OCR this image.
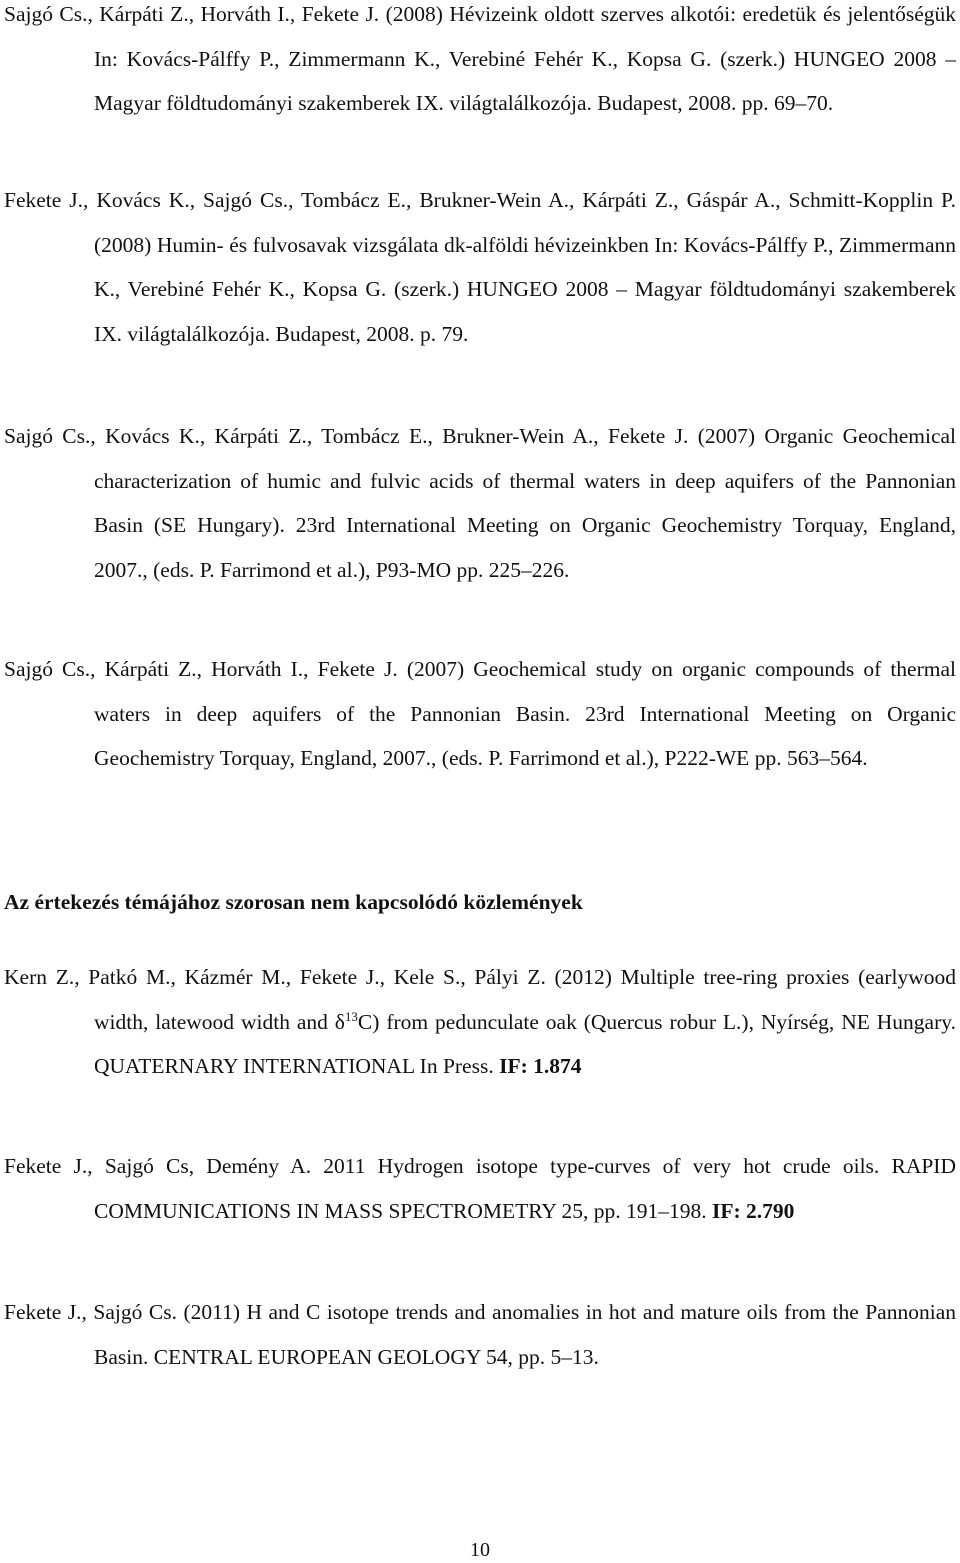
Sajgó Cs., Kárpáti Z., Horváth I., Fekete J. (2008) Hévizeink oldott szerves alkotói: eredetük és jelentőségük In: Kovács-Pálffy P., Zimmermann K., Verebiné Fehér K., Kopsa G. (szerk.) HUNGEO 2008 – Magyar földtudományi szakemberek IX. világtalálkozója. Budapest, 2008. pp. 69–70.
Fekete J., Kovács K., Sajgó Cs., Tombácz E., Brukner-Wein A., Kárpáti Z., Gáspár A., Schmitt-Kopplin P. (2008) Humin- és fulvosavak vizsgálata dk-alföldi hévizeinkben In: Kovács-Pálffy P., Zimmermann K., Verebiné Fehér K., Kopsa G. (szerk.) HUNGEO 2008 – Magyar földtudományi szakemberek IX. világtalálkozója. Budapest, 2008. p. 79.
Sajgó Cs., Kovács K., Kárpáti Z., Tombácz E., Brukner-Wein A., Fekete J. (2007) Organic Geochemical characterization of humic and fulvic acids of thermal waters in deep aquifers of the Pannonian Basin (SE Hungary). 23rd International Meeting on Organic Geochemistry Torquay, England, 2007., (eds. P. Farrimond et al.), P93-MO pp. 225–226.
Sajgó Cs., Kárpáti Z., Horváth I., Fekete J. (2007) Geochemical study on organic compounds of thermal waters in deep aquifers of the Pannonian Basin. 23rd International Meeting on Organic Geochemistry Torquay, England, 2007., (eds. P. Farrimond et al.), P222-WE pp. 563–564.
Az értekezés témájához szorosan nem kapcsolódó közlemények
Kern Z., Patkó M., Kázmér M., Fekete J., Kele S., Pályi Z. (2012) Multiple tree-ring proxies (earlywood width, latewood width and $\delta^{13}C$) from pedunculate oak (Quercus robur L.), Nyírség, NE Hungary. QUATERNARY INTERNATIONAL In Press. IF: 1.874
Fekete J., Sajgó Cs, Demény A. 2011 Hydrogen isotope type-curves of very hot crude oils. RAPID COMMUNICATIONS IN MASS SPECTROMETRY 25, pp. 191–198. IF: 2.790
Fekete J., Sajgó Cs. (2011) H and C isotope trends and anomalies in hot and mature oils from the Pannonian Basin. CENTRAL EUROPEAN GEOLOGY 54, pp. 5–13.
10
